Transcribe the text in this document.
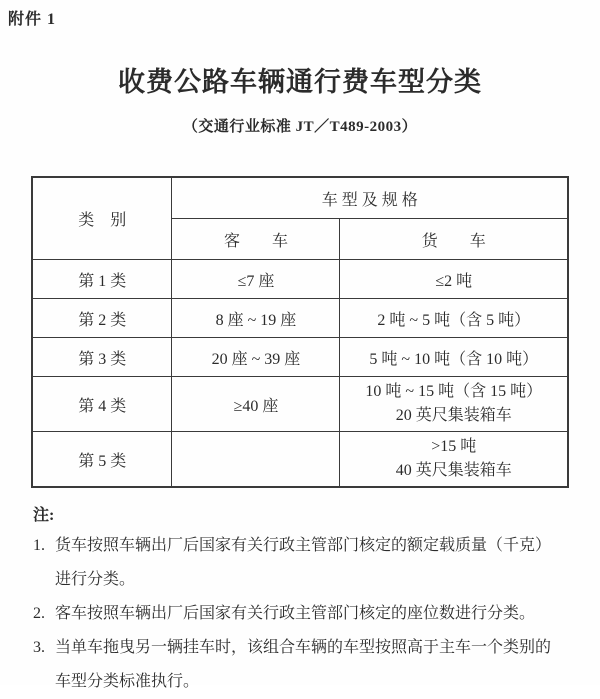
附件 1
收费公路车辆通行费车型分类
（交通行业标准 JT／T489-2003）
类　别	车 型 及 规 格	
	客　　车	货　　车
第 1 类	≤7 座	≤2 吨
第 2 类	8 座 ~ 19 座	2 吨 ~ 5 吨（含 5 吨）
第 3 类	20 座 ~ 39 座	5 吨 ~ 10 吨（含 10 吨）
第 4 类	≥40 座	10 吨 ~ 15 吨（含 15 吨）
20 英尺集装箱车

第 5 类		>15 吨
40 英尺集装箱车
注:
1. 货车按照车辆出厂后国家有关行政主管部门核定的额定载质量（千克）进行分类。
2. 客车按照车辆出厂后国家有关行政主管部门核定的座位数进行分类。
3. 当单车拖曳另一辆挂车时，该组合车辆的车型按照高于主车一个类别的车型分类标准执行。
